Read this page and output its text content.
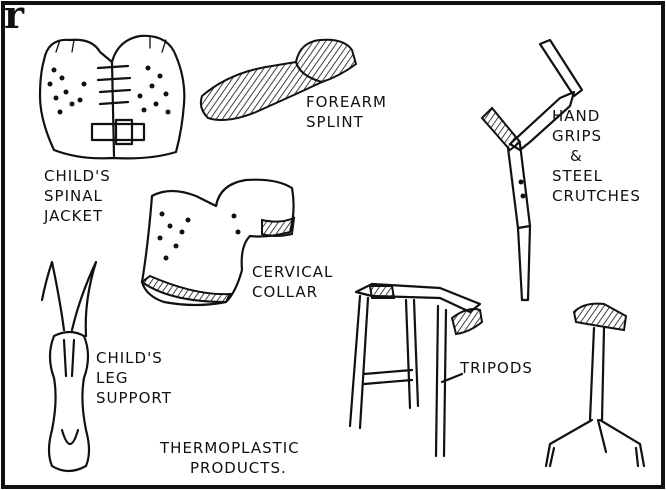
r
CHILD'S
SPINAL
JACKET
FOREARM
SPLINT	HAND
GRIPS
&
STEEL
CRUTCHES
CERVICAL
COLLAR
CHILD'S
LEG
SUPPORT
TRIPODS
THERMOPLASTIC
PRODUCTS.
